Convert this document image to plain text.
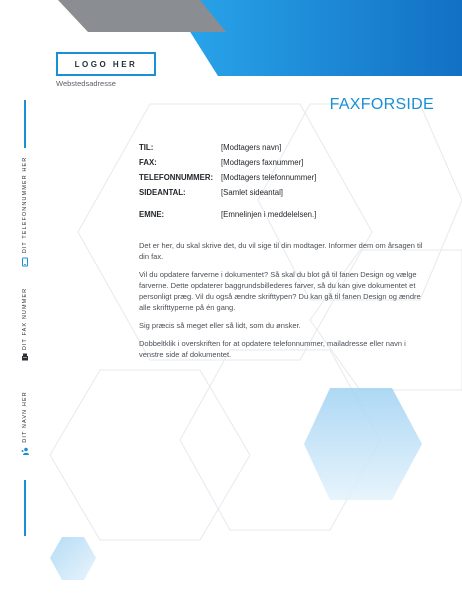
LOGO HER
Webstedsadresse
FAXFORSIDE
TIL:	[Modtagers navn]
FAX:	[Modtagers faxnummer]
TELEFONNUMMER:	[Modtagers telefonnummer]
SIDEANTAL:	[Samlet sideantal]
EMNE:	[Emnelinjen i meddelelsen.]

Det er her, du skal skrive det, du vil sige til din modtager. Informer dem om årsagen til din fax.

Vil du opdatere farverne i dokumentet? Så skal du blot gå til fanen Design og vælge farverne. Dette opdaterer baggrundsbillederes farver, så du kan give dokumentet et personligt præg. Vil du også ændre skrifttypen? Du kan gå til fanen Design og ændre alle skrifttyperne på én gang.

Sig præcis så meget eller så lidt, som du ønsker.

Dobbeltklik i overskriften for at opdatere telefonnummer, mailadresse eller navn i venstre side af dokumentet.

DIT TELEFONNUMMER HER
DIT FAX NUMMER
DIT NAVN HER
